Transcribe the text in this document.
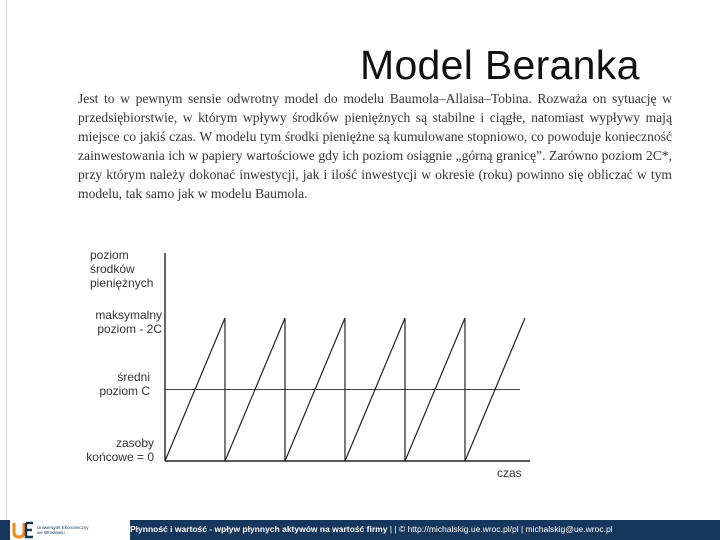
Model Beranka

Jest to w pewnym sensie odwrotny model do modelu Baumola–Allaisa–Tobina. Rozważa on sytuację w przedsiębiorstwie, w którym wpływy środków pieniężnych są stabilne i ciągłe, natomiast wypływy mają miejsce co jakiś czas. W modelu tym środki pieniężne są kumulowane stopniowo, co powoduje konieczność zainwestowania ich w papiery wartościowe gdy ich poziom osiągnie „górną granicę”. Zarówno poziom 2C*, przy którym należy dokonać inwestycji, jak i ilość inwestycji w okresie (roku) powinno się obliczać w tym modelu, tak samo jak w modelu Baumola.

poziom
środków
pieniężnych
maksymalny
poziom - 2C
średni
poziom C
zasoby
końcowe = 0
czas
Uniwersytet Ekonomiczny
we Wrocławiu	Płynność i wartość - wpływ płynnych aktywów na wartość firmy | | © http://michalskig.ue.wroc.pl/pl | michalskig@ue.wroc.pl
